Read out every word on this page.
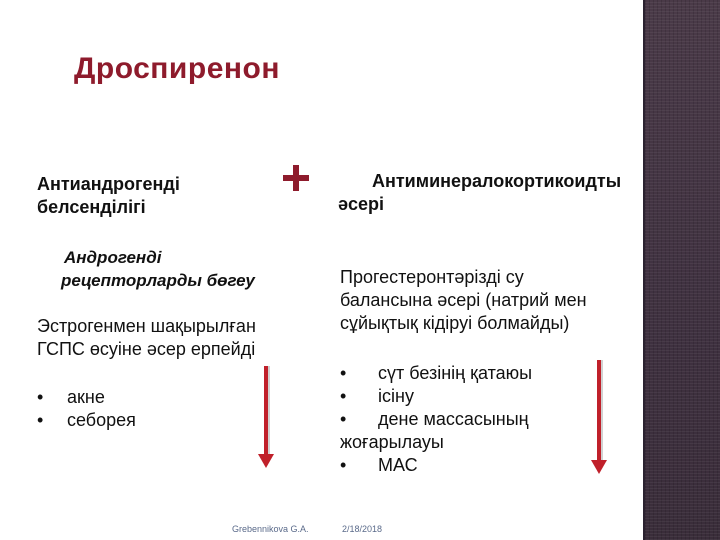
Дроспиренон
Антиандрогенді
белсенділігі
Андрогенді
рецепторларды бөгеу
Эстрогенмен шақырылған
ГСПС өсуіне әсер ерпейді
• акне
• себорея
Антиминералокортикоидты
әсері
Прогестеронтәрізді су
балансына әсері (натрий мен
сұйықтық кідіруі болмайды)
• сүт безінің қатаюы
• ісіну
• дене массасының
жоғарылауы
• МАС
Grebennikova G.A.	2/18/2018
